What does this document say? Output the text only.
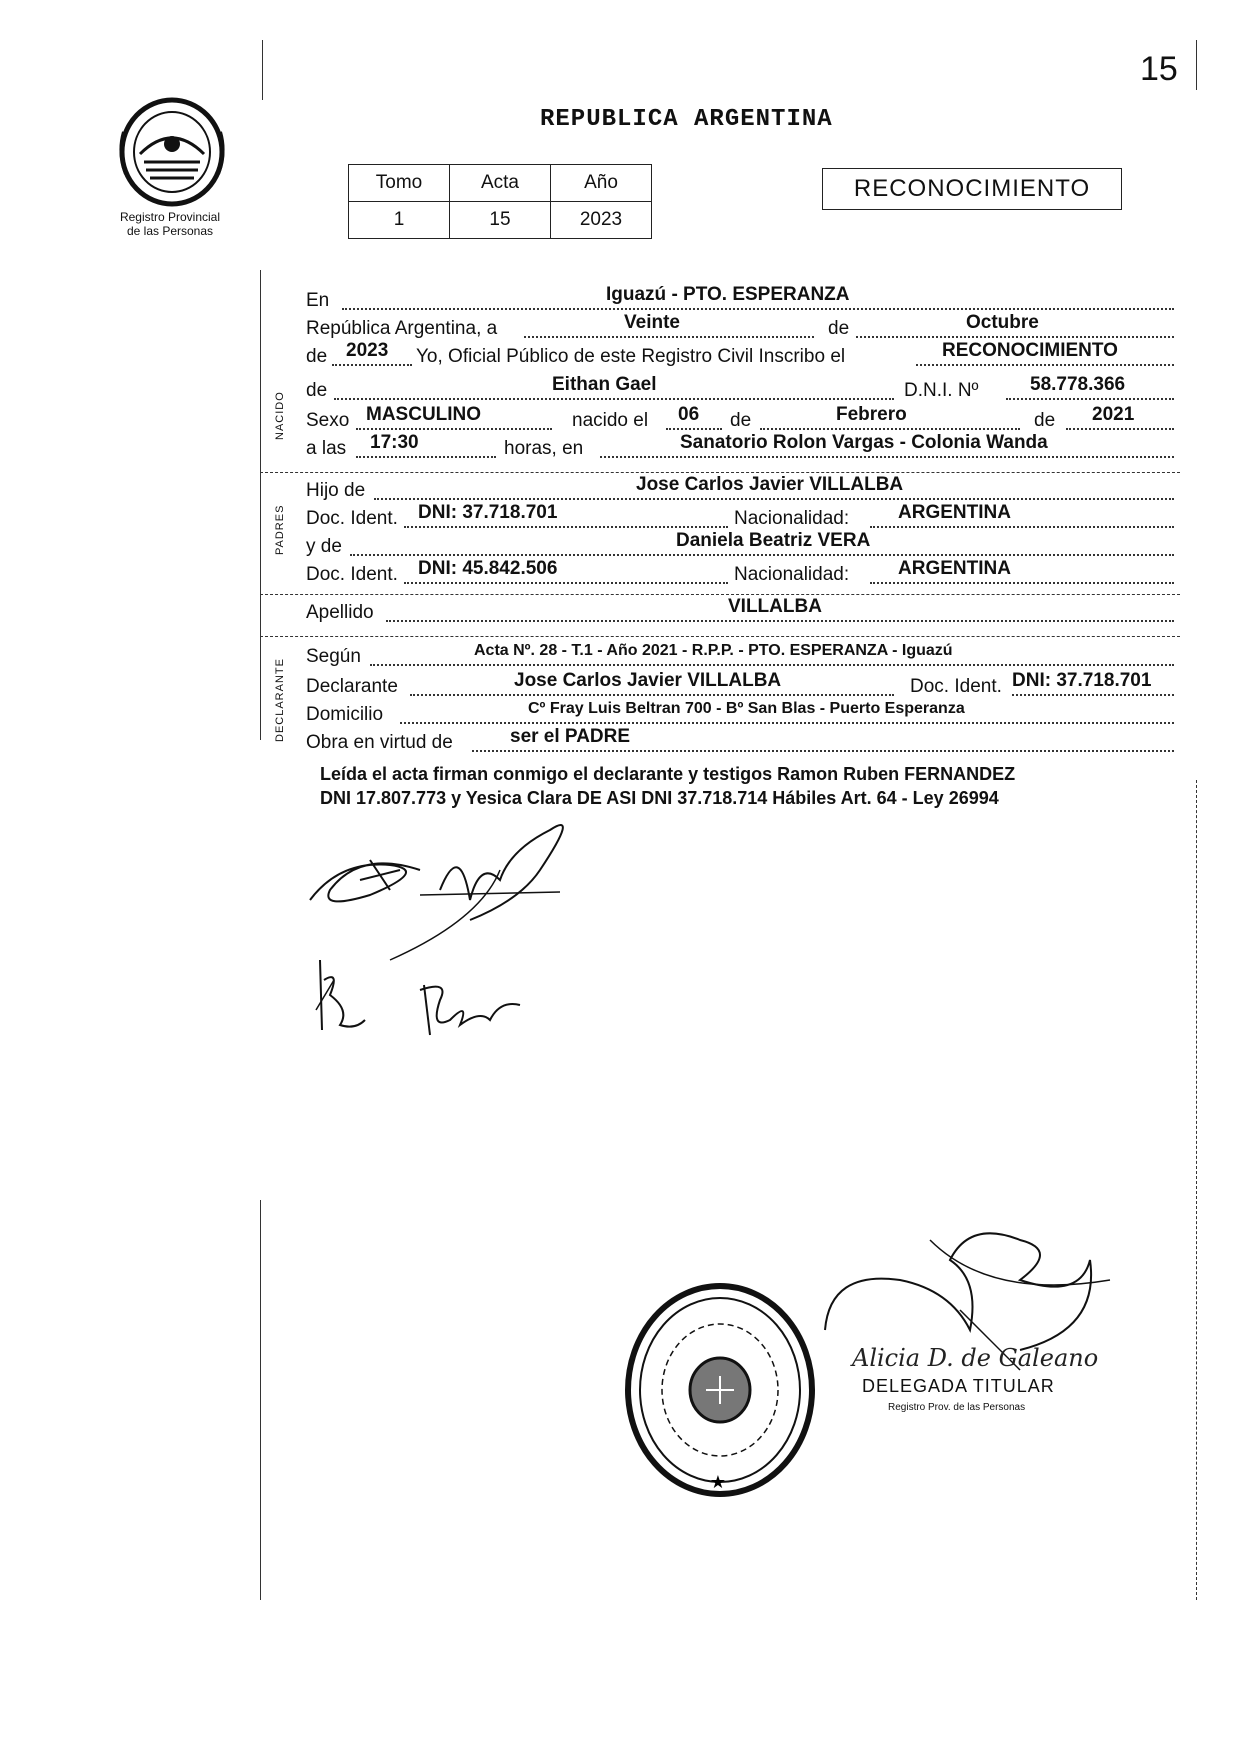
15
Registro Provincial
de las Personas
REPUBLICA ARGENTINA
Tomo	Acta	Año
1	15	2023
RECONOCIMIENTO
NACIDO
PADRES
DECLARANTE
En	Iguazú - PTO. ESPERANZA
República Argentina, a	Veinte	de	Octubre
de 2023 Yo, Oficial Público de este Registro Civil Inscribo el	RECONOCIMIENTO
de	Eithan Gael	D.N.I. Nº	58.778.366
Sexo MASCULINO	nacido el 06 de	Febrero	de 2021
a las 17:30	horas, en	Sanatorio Rolon Vargas - Colonia Wanda
Hijo de	Jose Carlos Javier VILLALBA
Doc. Ident. DNI: 37.718.701	Nacionalidad:	ARGENTINA
y de	Daniela Beatriz VERA
Doc. Ident. DNI: 45.842.506	Nacionalidad:	ARGENTINA
Apellido	VILLALBA
Según	Acta Nº. 28 - T.1 - Año 2021 - R.P.P. - PTO. ESPERANZA - Iguazú
Declarante	Jose Carlos Javier VILLALBA	Doc. Ident. DNI: 37.718.701
Domicilio	Cº Fray Luis Beltran 700 - Bº San Blas - Puerto Esperanza
Obra en virtud de	ser el PADRE
Leída el acta firman conmigo el declarante y testigos Ramon Ruben FERNANDEZ
DNI 17.807.773 y Yesica Clara DE ASI DNI 37.718.714 Hábiles Art. 64 - Ley 26994
★
Alicia D. de Galeano
DELEGADA TITULAR
Registro Prov. de las Personas
